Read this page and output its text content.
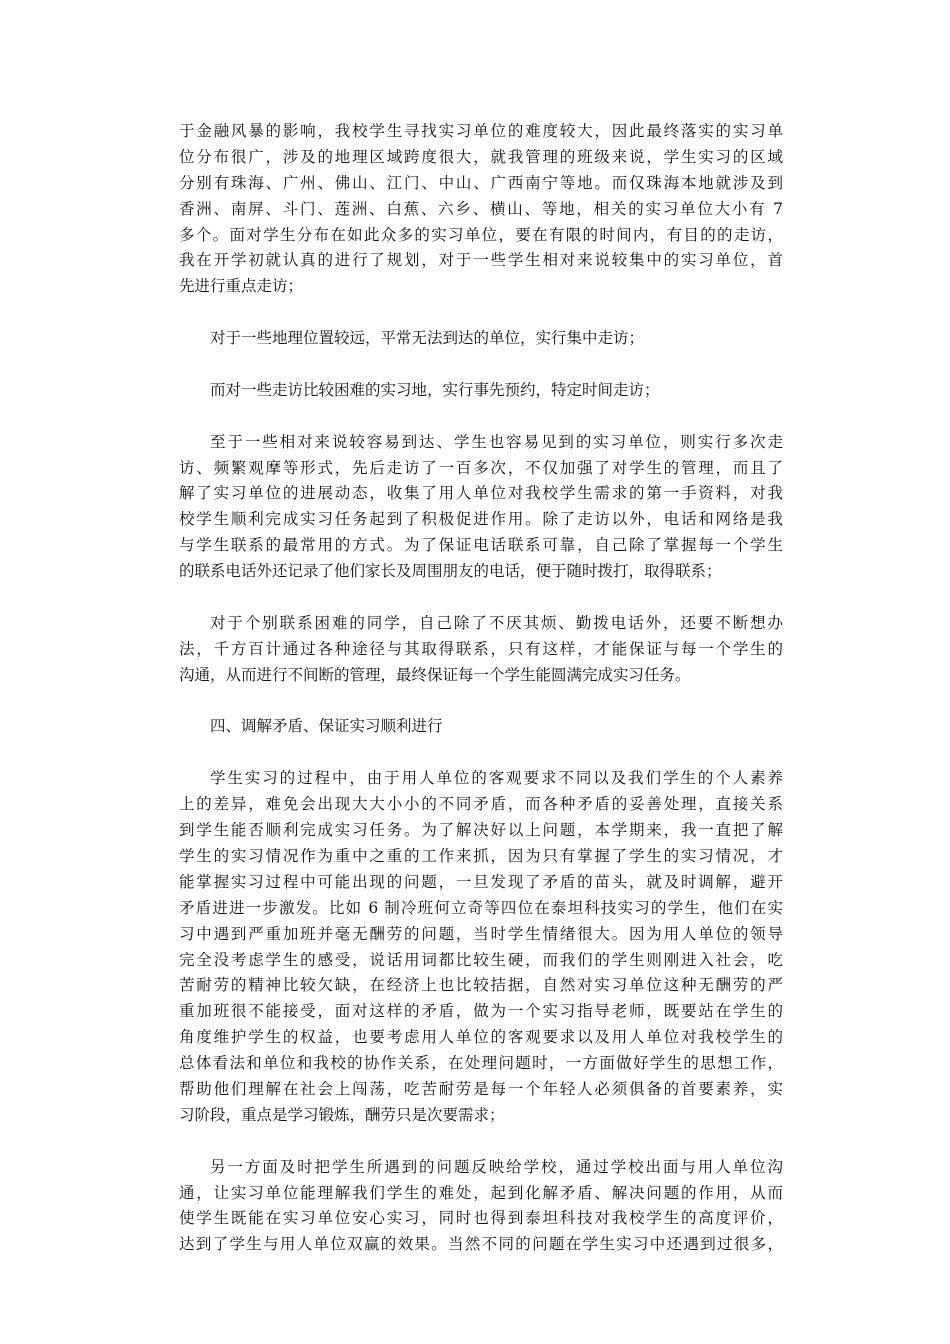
于金融风暴的影响，我校学生寻找实习单位的难度较大，因此最终落实的实习单
位分布很广，涉及的地理区域跨度很大，就我管理的班级来说，学生实习的区域
分别有珠海、广州、佛山、江门、中山、广西南宁等地。而仅珠海本地就涉及到
香洲、南屏、斗门、莲洲、白蕉、六乡、横山、等地，相关的实习单位大小有 7
多个。面对学生分布在如此众多的实习单位，要在有限的时间内，有目的的走访，
我在开学初就认真的进行了规划，对于一些学生相对来说较集中的实习单位，首
先进行重点走访；
对于一些地理位置较远，平常无法到达的单位，实行集中走访；
而对一些走访比较困难的实习地，实行事先预约，特定时间走访；
至于一些相对来说较容易到达、学生也容易见到的实习单位，则实行多次走
访、频繁观摩等形式，先后走访了一百多次，不仅加强了对学生的管理，而且了
解了实习单位的进展动态，收集了用人单位对我校学生需求的第一手资料，对我
校学生顺利完成实习任务起到了积极促进作用。除了走访以外，电话和网络是我
与学生联系的最常用的方式。为了保证电话联系可靠，自己除了掌握每一个学生
的联系电话外还记录了他们家长及周围朋友的电话，便于随时拨打，取得联系；
对于个别联系困难的同学，自己除了不厌其烦、勤拨电话外，还要不断想办
法，千方百计通过各种途径与其取得联系，只有这样，才能保证与每一个学生的
沟通，从而进行不间断的管理，最终保证每一个学生能圆满完成实习任务。
四、调解矛盾、保证实习顺利进行
学生实习的过程中，由于用人单位的客观要求不同以及我们学生的个人素养
上的差异，难免会出现大大小小的不同矛盾，而各种矛盾的妥善处理，直接关系
到学生能否顺利完成实习任务。为了解决好以上问题，本学期来，我一直把了解
学生的实习情况作为重中之重的工作来抓，因为只有掌握了学生的实习情况，才
能掌握实习过程中可能出现的问题，一旦发现了矛盾的苗头，就及时调解，避开
矛盾进进一步激发。比如 6 制冷班何立奇等四位在泰坦科技实习的学生，他们在实
习中遇到严重加班并毫无酬劳的问题，当时学生情绪很大。因为用人单位的领导
完全没考虑学生的感受，说话用词都比较生硬，而我们的学生则刚进入社会，吃
苦耐劳的精神比较欠缺，在经济上也比较拮据，自然对实习单位这种无酬劳的严
重加班很不能接受，面对这样的矛盾，做为一个实习指导老师，既要站在学生的
角度维护学生的权益，也要考虑用人单位的客观要求以及用人单位对我校学生的
总体看法和单位和我校的协作关系，在处理问题时，一方面做好学生的思想工作，
帮助他们理解在社会上闯荡，吃苦耐劳是每一个年轻人必须俱备的首要素养，实
习阶段，重点是学习锻炼，酬劳只是次要需求；
另一方面及时把学生所遇到的问题反映给学校，通过学校出面与用人单位沟
通，让实习单位能理解我们学生的难处，起到化解矛盾、解决问题的作用，从而
使学生既能在实习单位安心实习，同时也得到泰坦科技对我校学生的高度评价，
达到了学生与用人单位双赢的效果。当然不同的问题在学生实习中还遇到过很多，
